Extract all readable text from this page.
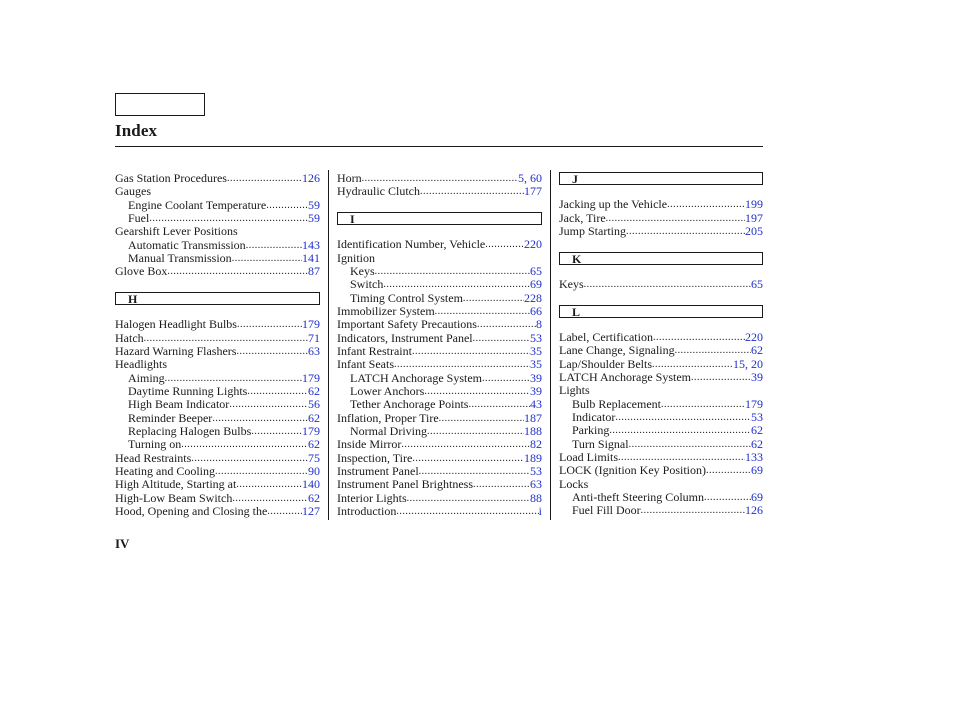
Index
Gas Station Procedures .....	126
Gauges
Engine Coolant Temperature .....	59
Fuel .....	59
Gearshift Lever Positions
Automatic Transmission .....	143
Manual Transmission .....	141
Glove Box .....	87
H
Halogen Headlight Bulbs .....	179
Hatch .....	71
Hazard Warning Flashers .....	63
Headlights
Aiming .....	179
Daytime Running Lights .....	62
High Beam Indicator .....	56
Reminder Beeper .....	62
Replacing Halogen Bulbs .....	179
Turning on .....	62
Head Restraints .....	75
Heating and Cooling .....	90
High Altitude, Starting at .....	140
High-Low Beam Switch .....	62
Hood, Opening and Closing the .....	127
Horn .....	5, 60
Hydraulic Clutch .....	177
I
Identification Number, Vehicle .....	220
Ignition
Keys .....	65
Switch .....	69
Timing Control System .....	228
Immobilizer System .....	66
Important Safety Precautions .....	8
Indicators, Instrument Panel .....	53
Infant Restraint .....	35
Infant Seats .....	35
LATCH Anchorage System .....	39
Lower Anchors .....	39
Tether Anchorage Points .....	43
Inflation, Proper Tire .....	187
Normal Driving .....	188
Inside Mirror .....	82
Inspection, Tire .....	189
Instrument Panel .....	53
Instrument Panel Brightness .....	63
Interior Lights .....	88
Introduction .....	i
J
Jacking up the Vehicle .....	199
Jack, Tire .....	197
Jump Starting .....	205
K
Keys .....	65
L
Label, Certification .....	220
Lane Change, Signaling .....	62
Lap/Shoulder Belts .....	15, 20
LATCH Anchorage System .....	39
Lights
Bulb Replacement .....	179
Indicator .....	53
Parking .....	62
Turn Signal .....	62
Load Limits .....	133
LOCK (Ignition Key Position) .....	69
Locks
Anti-theft Steering Column .....	69
Fuel Fill Door .....	126
IV
